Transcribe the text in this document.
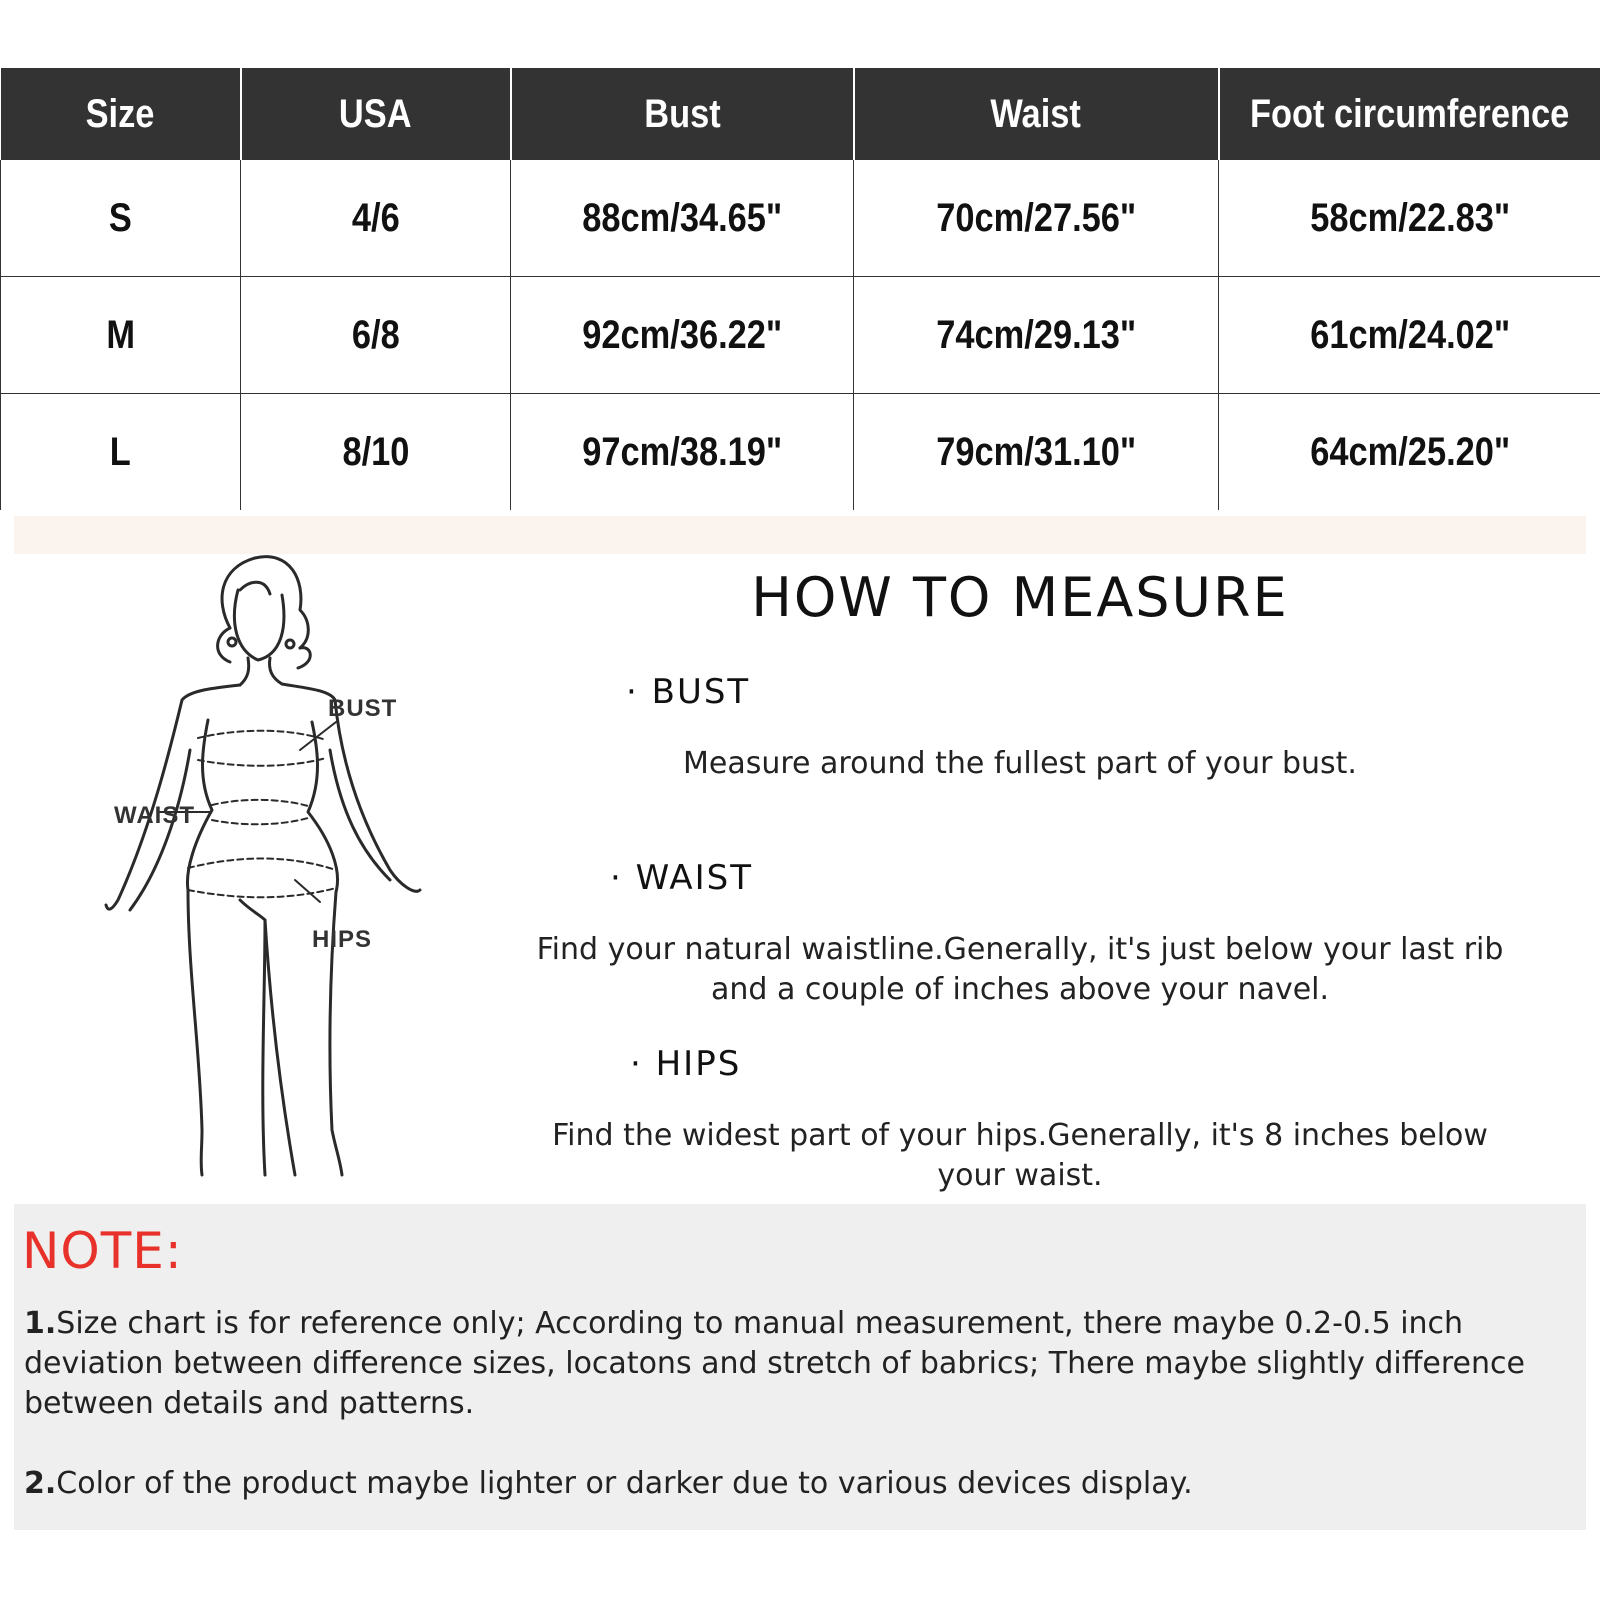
Size	USA	Bust	Waist	Foot circumference
S	4/6	88cm/34.65"	70cm/27.56"	58cm/22.83"
M	6/8	92cm/36.22"	74cm/29.13"	61cm/24.02"
L	8/10	97cm/38.19"	79cm/31.10"	64cm/25.20"
BUST
WAIST
HIPS
HOW TO MEASURE
· BUST
Measure around the fullest part of your bust.
· WAIST
Find your natural waistline.Generally, it's just below your last rib
and a couple of inches above your navel.
· HIPS
Find the widest part of your hips.Generally, it's 8 inches below
your waist.
NOTE:
1.Size chart is for reference only; According to manual measurement, there maybe 0.2-0.5 inch
deviation between difference sizes, locatons and stretch of babrics; There maybe slightly difference
between details and patterns.
2.Color of the product maybe lighter or darker due to various devices display.
